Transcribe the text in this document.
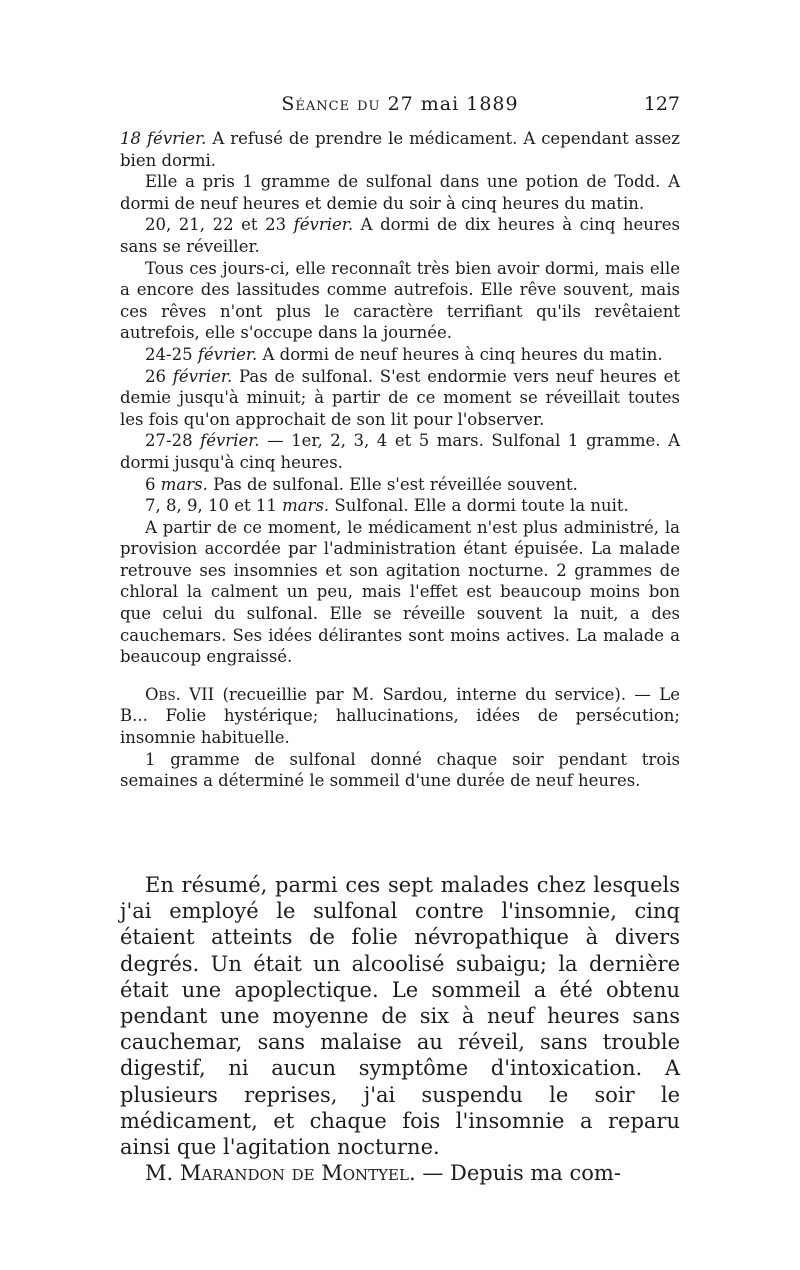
Séance du 27 mai 1889	127

18 février. A refusé de prendre le médicament. A cependant assez bien dormi.

Elle a pris 1 gramme de sulfonal dans une potion de Todd. A dormi de neuf heures et demie du soir à cinq heures du matin.

20, 21, 22 et 23 février. A dormi de dix heures à cinq heures sans se réveiller.

Tous ces jours-ci, elle reconnaît très bien avoir dormi, mais elle a encore des lassitudes comme autrefois. Elle rêve souvent, mais ces rêves n'ont plus le caractère terrifiant qu'ils revêtaient autrefois, elle s'occupe dans la journée.

24-25 février. A dormi de neuf heures à cinq heures du matin.

26 février. Pas de sulfonal. S'est endormie vers neuf heures et demie jusqu'à minuit; à partir de ce moment se réveillait toutes les fois qu'on approchait de son lit pour l'observer.

27-28 février. — 1er, 2, 3, 4 et 5 mars. Sulfonal 1 gramme. A dormi jusqu'à cinq heures.

6 mars. Pas de sulfonal. Elle s'est réveillée souvent.

7, 8, 9, 10 et 11 mars. Sulfonal. Elle a dormi toute la nuit.

A partir de ce moment, le médicament n'est plus administré, la provision accordée par l'administration étant épuisée. La malade retrouve ses insomnies et son agitation nocturne. 2 grammes de chloral la calment un peu, mais l'effet est beaucoup moins bon que celui du sulfonal. Elle se réveille souvent la nuit, a des cauchemars. Ses idées délirantes sont moins actives. La malade a beaucoup engraissé.

Obs. VII (recueillie par M. Sardou, interne du service). — Le B... Folie hystérique; hallucinations, idées de persécution; insomnie habituelle.

1 gramme de sulfonal donné chaque soir pendant trois semaines a déterminé le sommeil d'une durée de neuf heures.

En résumé, parmi ces sept malades chez lesquels j'ai employé le sulfonal contre l'insomnie, cinq étaient atteints de folie névropathique à divers degrés. Un était un alcoolisé subaigu; la dernière était une apoplectique. Le sommeil a été obtenu pendant une moyenne de six à neuf heures sans cauchemar, sans malaise au réveil, sans trouble digestif, ni aucun symptôme d'intoxication. A plusieurs reprises, j'ai suspendu le soir le médicament, et chaque fois l'insomnie a reparu ainsi que l'agitation nocturne.

M. Marandon de Montyel. — Depuis ma com-
